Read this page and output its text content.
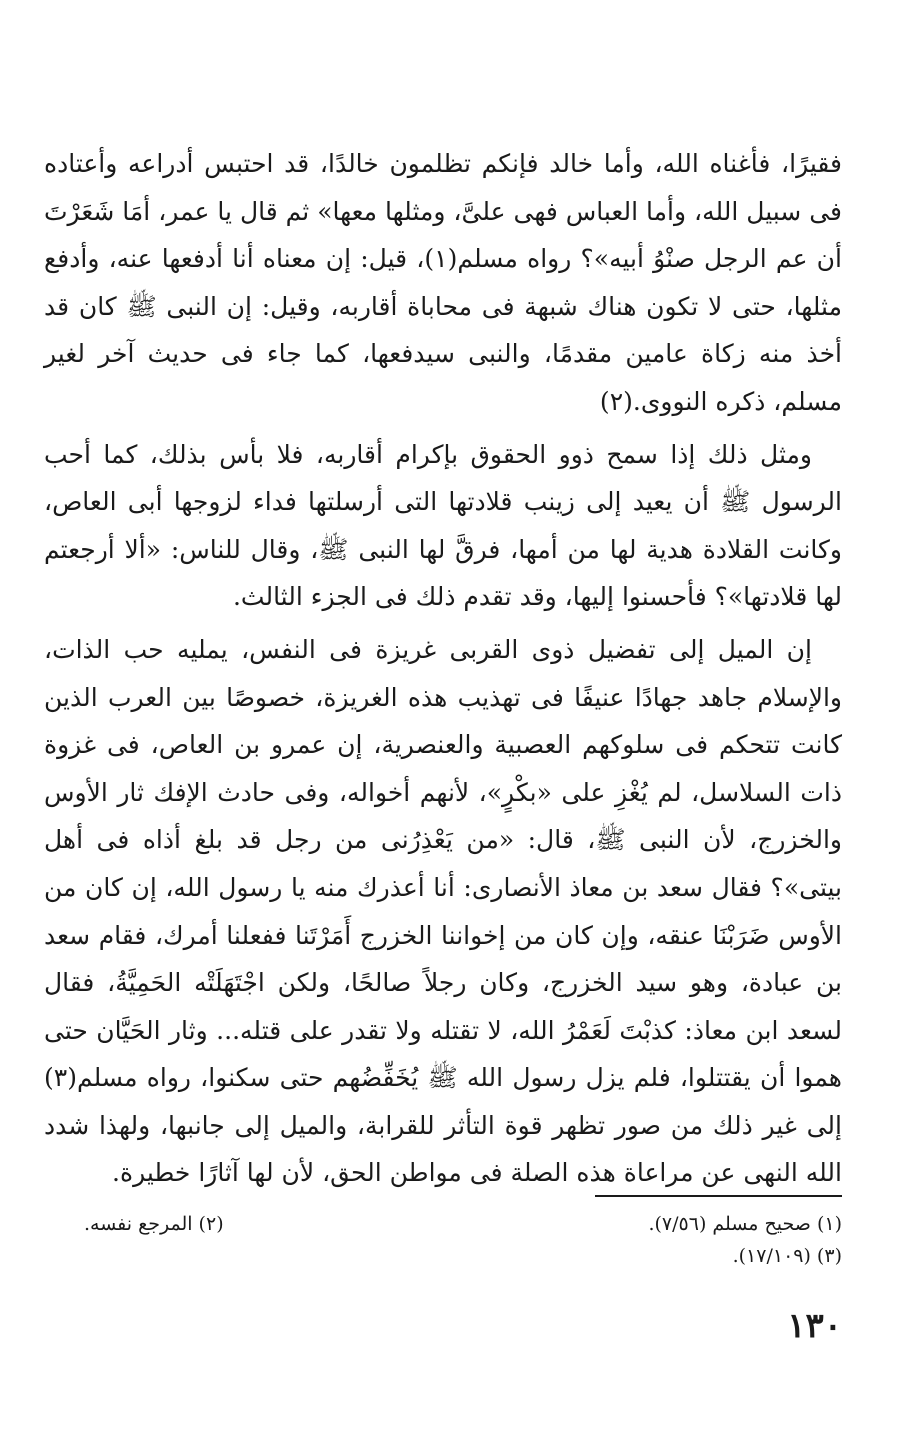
فقيرًا، فأغناه الله، وأما خالد فإنكم تظلمون خالدًا، قد احتبس أدراعه وأعتاده فى سبيل الله، وأما العباس فهى علىَّ، ومثلها معها» ثم قال يا عمر، أمَا شَعَرْتَ أن عم الرجل صنْوُ أبيه»؟ رواه مسلم(١)، قيل: إن معناه أنا أدفعها عنه، وأدفع مثلها، حتى لا تكون هناك شبهة فى محاباة أقاربه، وقيل: إن النبى ﷺ كان قد أخذ منه زكاة عامين مقدمًا، والنبى سيدفعها، كما جاء فى حديث آخر لغير مسلم، ذكره النووى.(٢)

ومثل ذلك إذا سمح ذوو الحقوق بإكرام أقاربه، فلا بأس بذلك، كما أحب الرسول ﷺ أن يعيد إلى زينب قلادتها التى أرسلتها فداء لزوجها أبى العاص، وكانت القلادة هدية لها من أمها، فرقَّ لها النبى ﷺ، وقال للناس: «ألا أرجعتم لها قلادتها»؟ فأحسنوا إليها، وقد تقدم ذلك فى الجزء الثالث.

إن الميل إلى تفضيل ذوى القربى غريزة فى النفس، يمليه حب الذات، والإسلام جاهد جهادًا عنيفًا فى تهذيب هذه الغريزة، خصوصًا بين العرب الذين كانت تتحكم فى سلوكهم العصبية والعنصرية، إن عمرو بن العاص، فى غزوة ذات السلاسل، لم يُغْزِ على «بكْرٍ»، لأنهم أخواله، وفى حادث الإفك ثار الأوس والخزرج، لأن النبى ﷺ، قال: «من يَعْذِرُنى من رجل قد بلغ أذاه فى أهل بيتى»؟ فقال سعد بن معاذ الأنصارى: أنا أعذرك منه يا رسول الله، إن كان من الأوس ضَرَبْنَا عنقه، وإن كان من إخواننا الخزرج أَمَرْتَنا ففعلنا أمرك، فقام سعد بن عبادة، وهو سيد الخزرج، وكان رجلاً صالحًا، ولكن اجْتَهَلَتْه الحَمِيَّةُ، فقال لسعد ابن معاذ: كذبْتَ لَعَمْرُ الله، لا تقتله ولا تقدر على قتله... وثار الحَيَّان حتى هموا أن يقتتلوا، فلم يزل رسول الله ﷺ يُخَفِّضُهم حتى سكنوا، رواه مسلم(٣) إلى غير ذلك من صور تظهر قوة التأثر للقرابة، والميل إلى جانبها، ولهذا شدد الله النهى عن مراعاة هذه الصلة فى مواطن الحق، لأن لها آثارًا خطيرة.

(١) صحيح مسلم (٧/٥٦).
(٢) المرجع نفسه.
(٣) (١٧/١٠٩).
١٣٠
